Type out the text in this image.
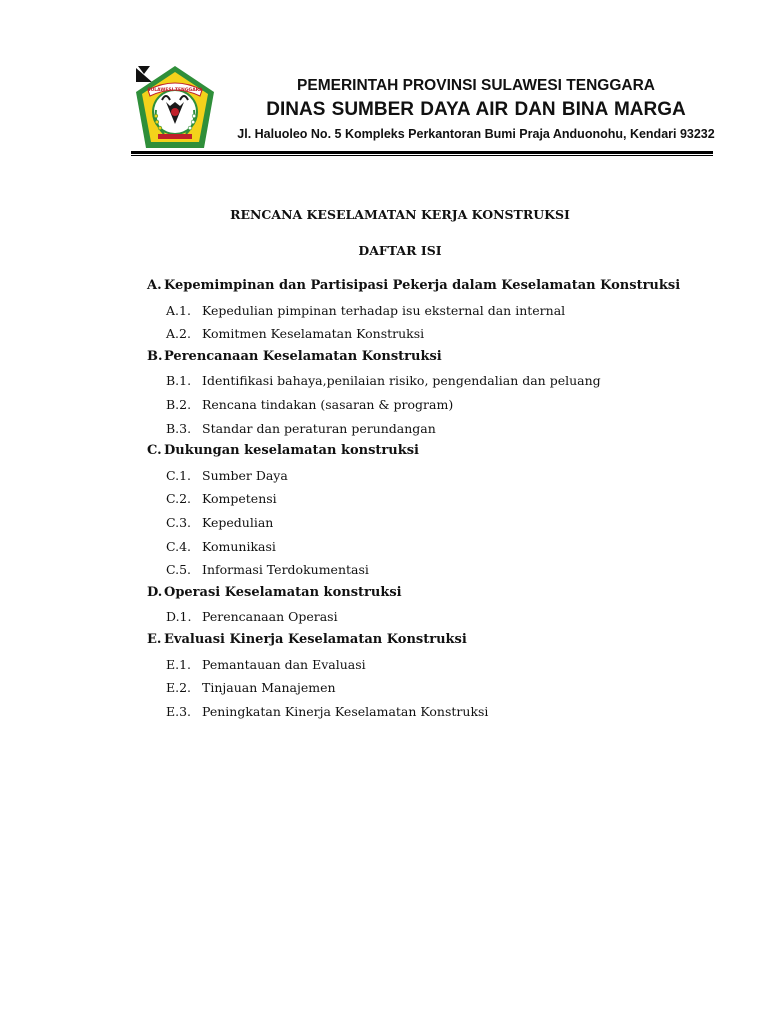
SULAWESI TENGGARA	PEMERINTAH PROVINSI SULAWESI TENGGARA
DINAS SUMBER DAYA AIR DAN BINA MARGA
Jl. Haluoleo No. 5 Kompleks Perkantoran Bumi Praja Anduonohu, Kendari 93232
RENCANA KESELAMATAN KERJA KONSTRUKSI
DAFTAR ISI
A. Kepemimpinan dan Partisipasi Pekerja dalam Keselamatan Konstruksi
A.1. Kepedulian pimpinan terhadap isu eksternal dan internal
A.2. Komitmen Keselamatan Konstruksi
B. Perencanaan Keselamatan Konstruksi
B.1. Identifikasi bahaya,penilaian risiko, pengendalian dan peluang
B.2. Rencana tindakan (sasaran & program)
B.3. Standar dan peraturan perundangan
C. Dukungan keselamatan konstruksi
C.1. Sumber Daya
C.2. Kompetensi
C.3. Kepedulian
C.4. Komunikasi
C.5. Informasi Terdokumentasi
D. Operasi Keselamatan konstruksi
D.1. Perencanaan Operasi
E. Evaluasi Kinerja Keselamatan Konstruksi
E.1. Pemantauan dan Evaluasi
E.2. Tinjauan Manajemen
E.3. Peningkatan Kinerja Keselamatan Konstruksi
